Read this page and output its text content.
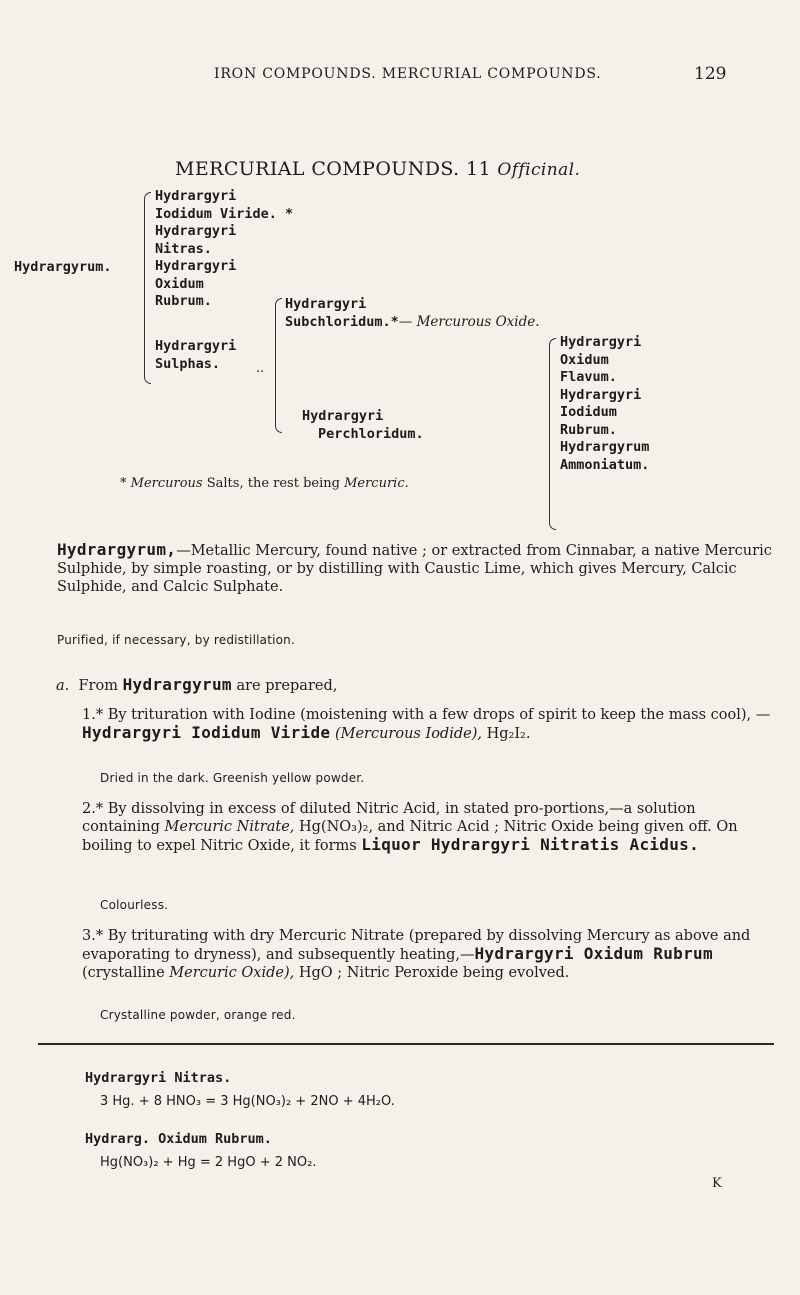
IRON COMPOUNDS. MERCURIAL COMPOUNDS.	129
MERCURIAL COMPOUNDS. 11 Officinal.
Hydrargyrum.
Hydrargyri
Iodidum Viride. *
Hydrargyri
Nitras.
Hydrargyri
Oxidum
Rubrum.
Hydrargyri
Sulphas.	..
Hydrargyri
Subchloridum.*— Mercurous Oxide.
Hydrargyri
Perchloridum.
Hydrargyri
Oxidum
Flavum.
Hydrargyri
Iodidum
Rubrum.
Hydrargyrum
Ammoniatum.
* Mercurous Salts, the rest being Mercuric.
Hydrargyrum,—Metallic Mercury, found native ; or extracted from Cinnabar, a native Mercuric Sulphide, by simple roasting, or by distilling with Caustic Lime, which gives Mercury, Calcic Sulphide, and Calcic Sulphate.
Purified, if necessary, by redistillation.
a. From Hydrargyrum are prepared,
1.* By trituration with Iodine (moistening with a few drops of spirit to keep the mass cool), — Hydrargyri Iodidum Viride (Mercurous Iodide), Hg₂I₂.
Dried in the dark. Greenish yellow powder.
2.* By dissolving in excess of diluted Nitric Acid, in stated pro-portions,—a solution containing Mercuric Nitrate, Hg(NO₃)₂, and Nitric Acid ; Nitric Oxide being given off. On boiling to expel Nitric Oxide, it forms Liquor Hydrargyri Nitratis Acidus.
Colourless.
3.* By triturating with dry Mercuric Nitrate (prepared by dissolving Mercury as above and evaporating to dryness), and subsequently heating,—Hydrargyri Oxidum Rubrum (crystalline Mercuric Oxide), HgO ; Nitric Peroxide being evolved.
Crystalline powder, orange red.
Hydrargyri Nitras.
3 Hg. + 8 HNO₃ = 3 Hg(NO₃)₂ + 2NO + 4H₂O.
Hydrarg. Oxidum Rubrum.
Hg(NO₃)₂ + Hg = 2 HgO + 2 NO₂.
K
